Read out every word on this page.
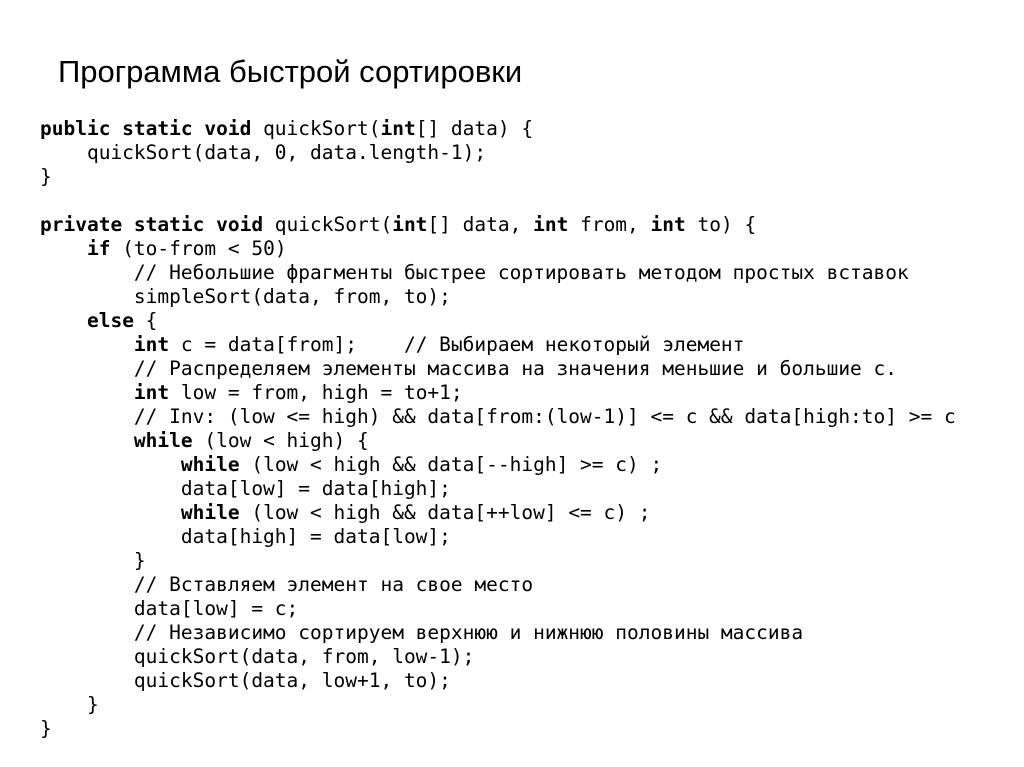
Программа быстрой сортировки
public static void quickSort(int[] data) {
quickSort(data, 0, data.length-1);
}

private static void quickSort(int[] data, int from, int to) {
if (to-from < 50)
// Небольшие фрагменты быстрее сортировать методом простых вставок
simpleSort(data, from, to);
else {
int c = data[from];    // Выбираем некоторый элемент
// Распределяем элементы массива на значения меньшие и большие c.
int low = from, high = to+1;
// Inv: (low <= high) && data[from:(low-1)] <= c && data[high:to] >= c
while (low < high) {
while (low < high && data[--high] >= c) ;
data[low] = data[high];
while (low < high && data[++low] <= c) ;
data[high] = data[low];
}
// Вставляем элемент на свое место
data[low] = c;
// Независимо сортируем верхнюю и нижнюю половины массива
quickSort(data, from, low-1);
quickSort(data, low+1, to);
}
}
